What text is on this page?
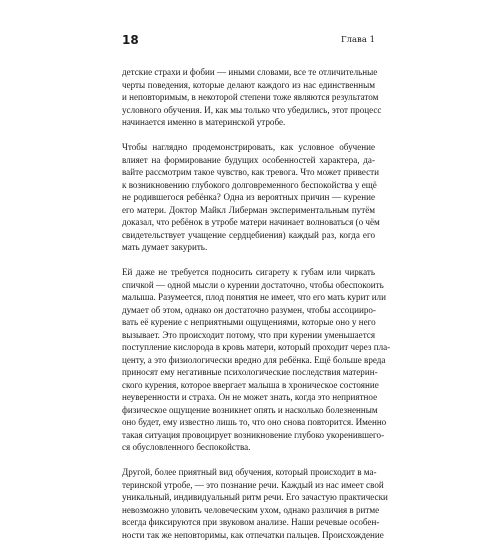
18	Глава 1
детские страхи и фобии — иными словами, все те отличительные
черты поведения, которые делают каждого из нас единственным
и неповторимым, в некоторой степени тоже являются результатом
условного обучения. И, как мы только что убедились, этот процесс
начинается именно в материнской утробе.
Чтобы наглядно продемонстрировать, как условное обучение
влияет на формирование будущих особенностей характера, да-
вайте рассмотрим такое чувство, как тревога. Что может привести
к возникновению глубокого долговременного беспокойства у ещё
не родившегося ребёнка? Одна из вероятных причин — курение
его матери. Доктор Майкл Либерман экспериментальным путём
доказал, что ребёнок в утробе матери начинает волноваться (о чём
свидетельствует учащение сердцебиения) каждый раз, когда его
мать думает закурить.
Ей даже не требуется подносить сигарету к губам или чиркать
спичкой — одной мысли о курении достаточно, чтобы обеспокоить
малыша. Разумеется, плод понятия не имеет, что его мать курит или
думает об этом, однако он достаточно разумен, чтобы ассоцииро-
вать её курение с неприятными ощущениями, которые оно у него
вызывает. Это происходит потому, что при курении уменьшается
поступление кислорода в кровь матери, который проходит через пла-
центу, а это физиологически вредно для ребёнка. Ещё больше вреда
приносят ему негативные психологические последствия материн-
ского курения, которое ввергает малыша в хроническое состояние
неуверенности и страха. Он не может знать, когда это неприятное
физическое ощущение возникнет опять и насколько болезненным
оно будет, ему известно лишь то, что оно снова повторится. Именно
такая ситуация провоцирует возникновение глубоко укоренившего-
ся обусловленного беспокойства.
Другой, более приятный вид обучения, который происходит в ма-
теринской утробе, — это познание речи. Каждый из нас имеет свой
уникальный, индивидуальный ритм речи. Его зачастую практически
невозможно уловить человеческим ухом, однако различия в ритме
всегда фиксируются при звуковом анализе. Наши речевые особен-
ности так же неповторимы, как отпечатки пальцев. Происхождение
